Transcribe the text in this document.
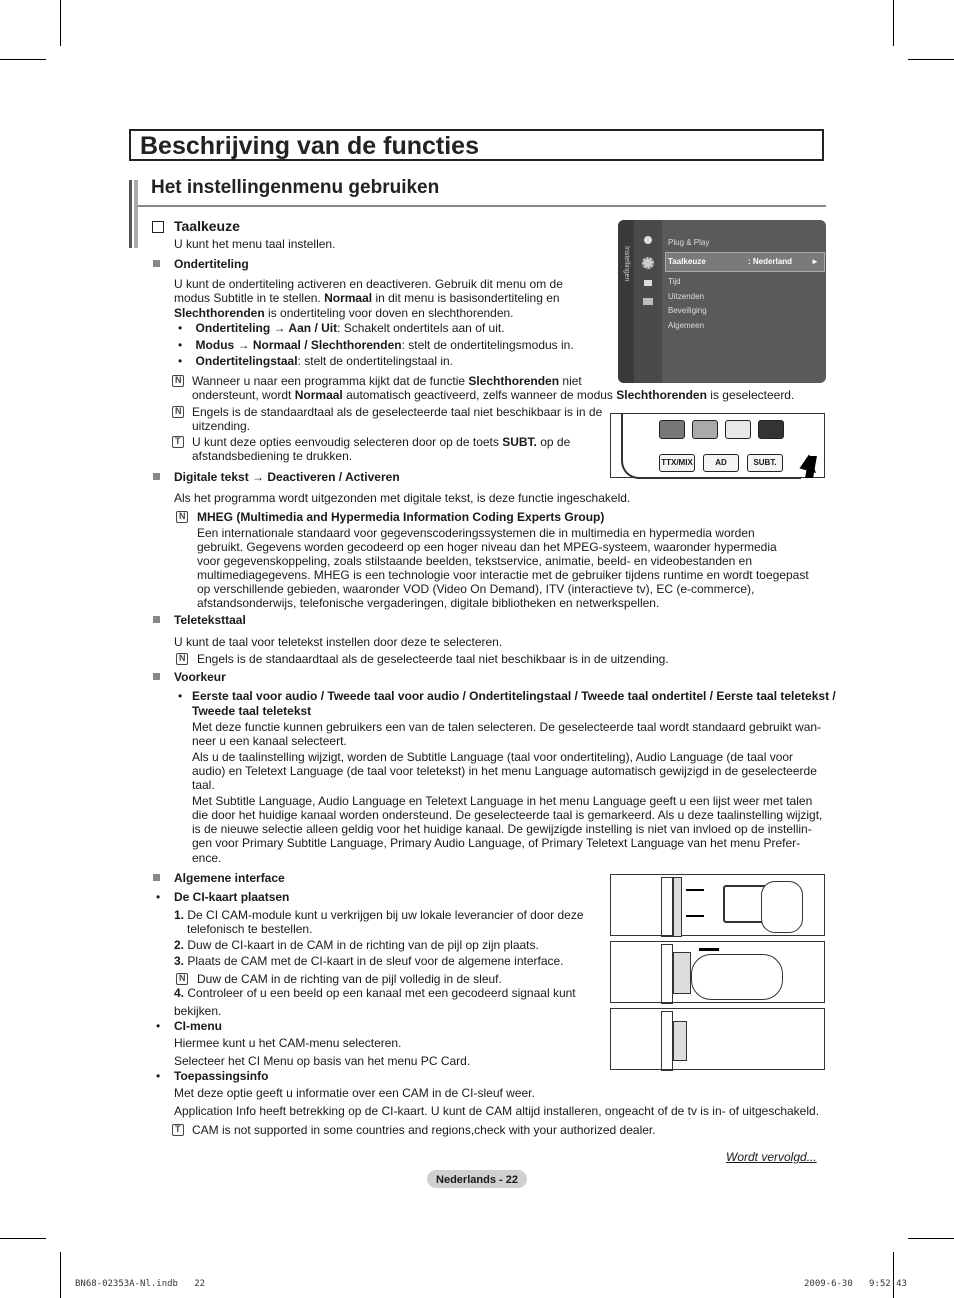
Beschrijving van de functies
Het instellingenmenu gebruiken
Taalkeuze
U kunt het menu taal instellen.
Ondertiteling
U kunt de ondertiteling activeren en deactiveren. Gebruik dit menu om de
modus Subtitle in te stellen. Normaal in dit menu is basisondertiteling en
Slechthorenden is ondertiteling voor doven en slechthorenden.
•    Ondertiteling → Aan / Uit: Schakelt ondertitels aan of uit.
•    Modus → Normaal / Slechthorenden: stelt de ondertitelingsmodus in.
•    Ondertitelingstaal: stelt de ondertitelingstaal in.
N
Wanneer u naar een programma kijkt dat de functie Slechthorenden niet
ondersteunt, wordt Normaal automatisch geactiveerd, zelfs wanneer de modus Slechthorenden is geselecteerd.
N
Engels is de standaardtaal als de geselecteerde taal niet beschikbaar is in de
uitzending.
T
U kunt deze opties eenvoudig selecteren door op de toets SUBT. op de
afstandsbediening te drukken.
Instellingen
Plug & Play
Taalkeuze	: Nederland ►
Tijd
Uitzenden
Beveiliging
Algemeen
TTX/MIX	AD	SUBT.
Digitale tekst → Deactiveren / Activeren
Als het programma wordt uitgezonden met digitale tekst, is deze functie ingeschakeld.
N
MHEG (Multimedia and Hypermedia Information Coding Experts Group)
Een internationale standaard voor gegevenscoderingssystemen die in multimedia en hypermedia worden
gebruikt. Gegevens worden gecodeerd op een hoger niveau dan het MPEG-systeem, waaronder hypermedia
voor gegevenskoppeling, zoals stilstaande beelden, tekstservice, animatie, beeld- en videobestanden en
multimediagegevens. MHEG is een technologie voor interactie met de gebruiker tijdens runtime en wordt toegepast
op verschillende gebieden, waaronder VOD (Video On Demand), ITV (interactieve tv), EC (e-commerce),
afstandsonderwijs, telefonische vergaderingen, digitale bibliotheken en netwerkspellen.
Teleteksttaal
U kunt de taal voor teletekst instellen door deze te selecteren.
N
Engels is de standaardtaal als de geselecteerde taal niet beschikbaar is in de uitzending.
Voorkeur
• Eerste taal voor audio / Tweede taal voor audio / Ondertitelingstaal / Tweede taal ondertitel / Eerste taal teletekst /
Tweede taal teletekst
Met deze functie kunnen gebruikers een van de talen selecteren. De geselecteerde taal wordt standaard gebruikt wan-
neer u een kanaal selecteert.
Als u de taalinstelling wijzigt, worden de Subtitle Language (taal voor ondertiteling), Audio Language (de taal voor
audio) en Teletext Language (de taal voor teletekst) in het menu Language automatisch gewijzigd in de geselecteerde
taal.
Met Subtitle Language, Audio Language en Teletext Language in het menu Language geeft u een lijst weer met talen
die door het huidige kanaal worden ondersteund. De geselecteerde taal is gemarkeerd. Als u deze taalinstelling wijzigt,
is de nieuwe selectie alleen geldig voor het huidige kanaal. De gewijzigde instelling is niet van invloed op de instellin-
gen voor Primary Subtitle Language, Primary Audio Language, of Primary Teletext Language van het menu Prefer-
ence.
Algemene interface
• De CI-kaart plaatsen
1. De CI CAM-module kunt u verkrijgen bij uw lokale leverancier of door deze
telefonisch te bestellen.
2. Duw de CI-kaart in de CAM in de richting van de pijl op zijn plaats.
3. Plaats de CAM met de CI-kaart in de sleuf voor de algemene interface.
N
Duw de CAM in de richting van de pijl volledig in de sleuf.
4. Controleer of u een beeld op een kanaal met een gecodeerd signaal kunt
bekijken.
• CI-menu
Hiermee kunt u het CAM-menu selecteren.
Selecteer het CI Menu op basis van het menu PC Card.
• Toepassingsinfo
Met deze optie geeft u informatie over een CAM in de CI-sleuf weer.
Application Info heeft betrekking op de CI-kaart. U kunt de CAM altijd installeren, ongeacht of de tv is in- of uitgeschakeld.
T
CAM is not supported in some countries and regions,check with your authorized dealer.
Wordt vervolgd...
Nederlands - 22
BN68-02353A-Nl.indb   22	2009-6-30   9:52:43
